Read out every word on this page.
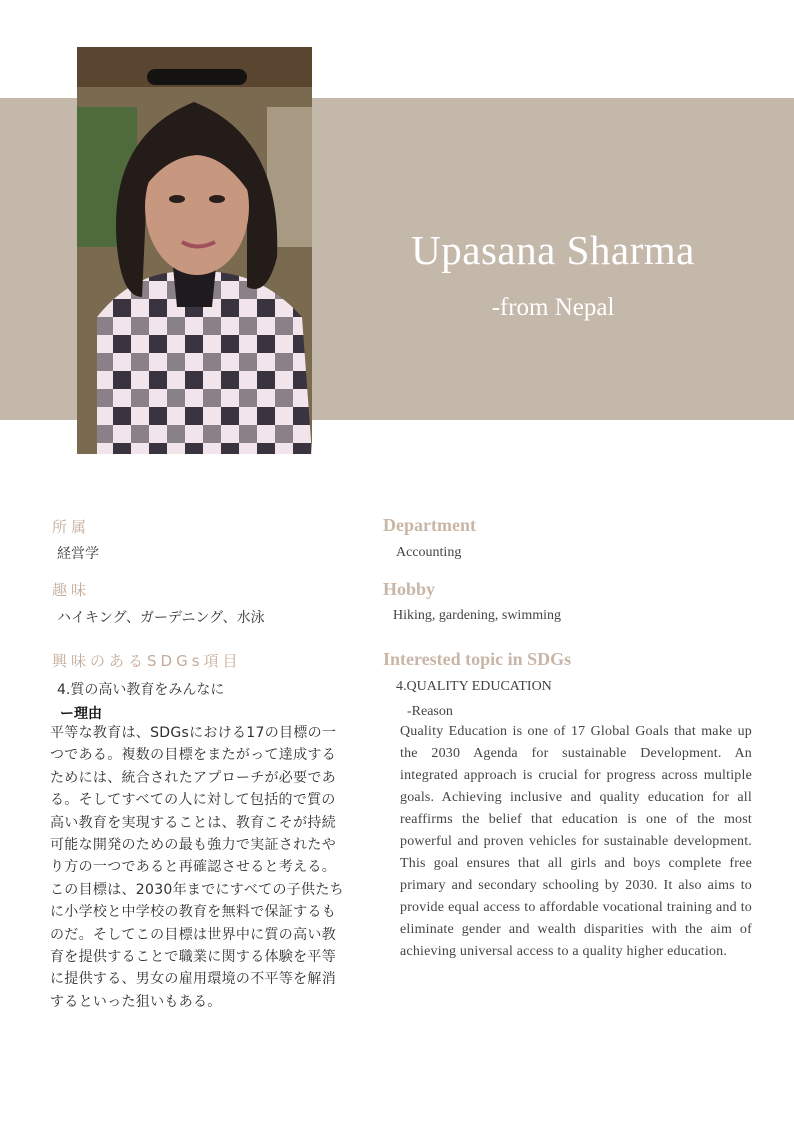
Upasana Sharma
-from Nepal
所属
経営学
趣味
ハイキング、ガーデニング、水泳
興味のあるSDGs項目
4.質の高い教育をみんなに
ー理由
平等な教育は、SDGsにおける17の目標の一つである。複数の目標をまたがって達成するためには、統合されたアプローチが必要である。そしてすべての人に対して包括的で質の高い教育を実現することは、教育こそが持続可能な開発のための最も強力で実証されたやり方の一つであると再確認させると考える。この目標は、2030年までにすべての子供たちに小学校と中学校の教育を無料で保証するものだ。そしてこの目標は世界中に質の高い教育を提供することで職業に関する体験を平等に提供する、男女の雇用環境の不平等を解消するといった狙いもある。
Department
Accounting
Hobby
Hiking, gardening, swimming
Interested topic in SDGs
4.QUALITY EDUCATION
-Reason
Quality Education is one of 17 Global Goals that make up the 2030 Agenda for sustainable Development. An integrated approach is crucial for progress across multiple goals. Achieving inclusive and quality education for all reaffirms the belief that education is one of the most powerful and proven vehicles for sustainable development. This goal ensures that all girls and boys complete free primary and secondary schooling by 2030. It also aims to provide equal access to affordable vocational training and to eliminate gender and wealth disparities with the aim of achieving universal access to a quality higher education.
